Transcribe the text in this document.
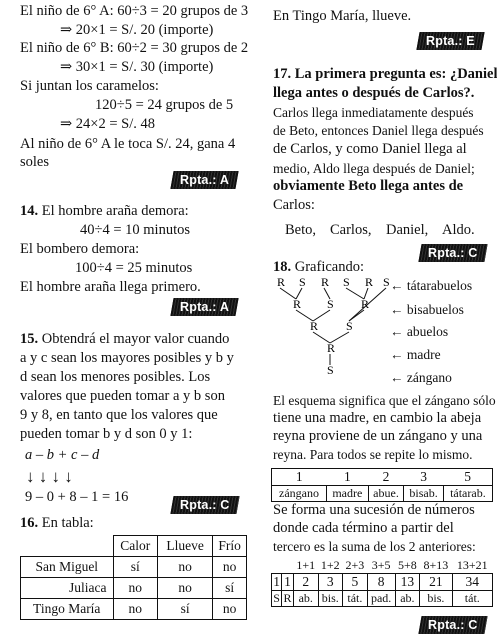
El niño de 6° A: 60÷3 = 20 grupos de 3
⇒ 20×1 = S/. 20 (importe)
El niño de 6° B: 60÷2 = 30 grupos de 2
⇒ 30×1 = S/. 30 (importe)
Si juntan los caramelos:
120÷5 = 24 grupos de 5
⇒ 24×2 = S/. 48
Al niño de 6° A le toca S/. 24, gana 4
soles
Rpta.: A
14. El hombre araña demora:
40÷4 = 10 minutos
El bombero demora:
100÷4 = 25 minutos
El hombre araña llega primero.
Rpta.: A
15. Obtendrá el mayor valor cuando
a y c sean los mayores posibles y b y
d sean los menores posibles. Los
valores que pueden tomar a y b son
9 y 8, en tanto que los valores que
pueden tomar b y d son 0 y 1:
a – b + c – d
↓ ↓ ↓ ↓
9 – 0 + 8 – 1 = 16	Rpta.: C
16. En tabla:
	Calor	Llueve	Frío
San Miguel	sí	no	no
Juliaca	no	no	sí
Tingo María	no	sí	no
En Tingo María, llueve.
Rpta.: E
17. La primera pregunta es: ¿Daniel
llega antes o después de Carlos?.
Carlos llega inmediatamente después
de Beto, entonces Daniel llega después
de Carlos, y como Daniel llega al
medio, Aldo llega después de Daniel;
obviamente Beto llega antes de
Carlos:
Beto, Carlos, Daniel, Aldo.
Rpta.: C
18. Graficando:
R S R S R S
R S R
R S
R
S
← tátarabuelos
← bisabuelos
← abuelos
← madre
← zángano
El esquema significa que el zángano sólo
tiene una madre, en cambio la abeja
reyna proviene de un zángano y una
reyna. Para todos se repite lo mismo.
1	1	2	3	5
zángano	madre	abue.	bisab.	tátarab.
Se forma una sucesión de números
donde cada término a partir del
tercero es la suma de los 2 anteriores:
		1+1	1+2	2+3	3+5	5+8	8+13	13+21
1	1	2	3	5	8	13	21	34
S	R	ab.	bis.	tát.	pad.	ab.	bis.	tát.
Rpta.: C
